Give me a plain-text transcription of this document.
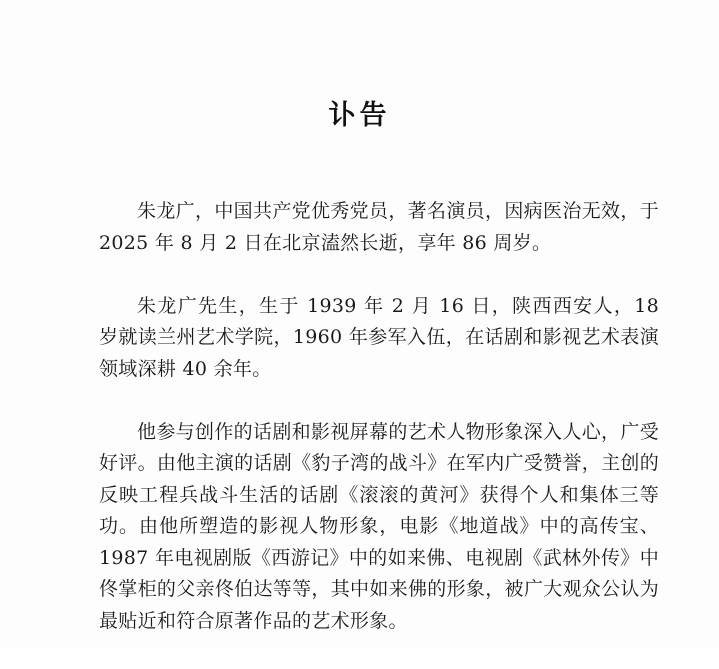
讣告

朱龙广，中国共产党优秀党员，著名演员，因病医治无效，于 2025 年 8 月 2 日在北京溘然长逝，享年 86 周岁。

朱龙广先生，生于 1939 年 2 月 16 日，陕西西安人，18 岁就读兰州艺术学院，1960 年参军入伍，在话剧和影视艺术表演领域深耕 40 余年。

他参与创作的话剧和影视屏幕的艺术人物形象深入人心，广受好评。由他主演的话剧《豹子湾的战斗》在军内广受赞誉，主创的反映工程兵战斗生活的话剧《滚滚的黄河》获得个人和集体三等功。由他所塑造的影视人物形象，电影《地道战》中的高传宝、1987 年电视剧版《西游记》中的如来佛、电视剧《武林外传》中佟掌柜的父亲佟伯达等等，其中如来佛的形象，被广大观众公认为最贴近和符合原著作品的艺术形象。
